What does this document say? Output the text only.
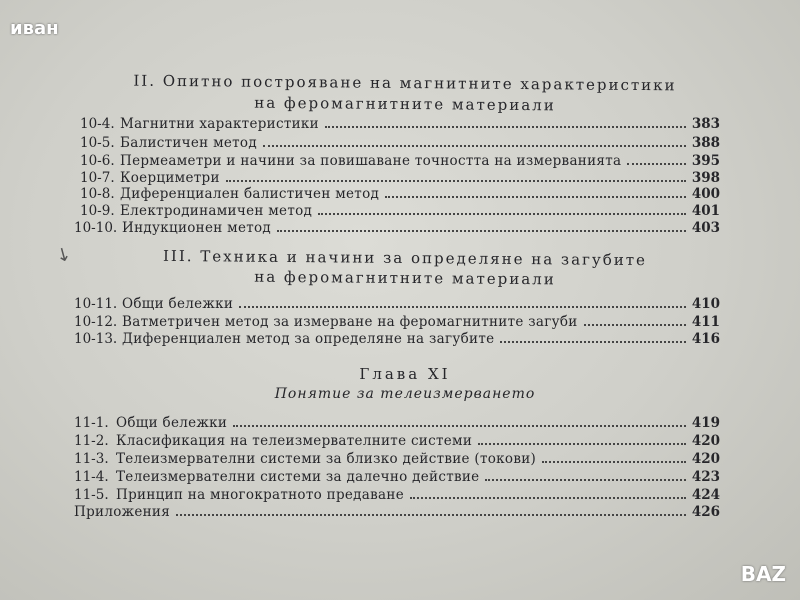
иван
II. Опитно построяване на магнитните характеристики
на феромагнитните материали
10-4. Магнитни характеристики	383
10-5. Балистичен метод	388
10-6. Пермеаметри и начини за повишаване точността на измерванията	395
10-7. Коерциметри	398
10-8. Диференциален балистичен метод	400
10-9. Електродинамичен метод	401
10-10. Индукционен метод	403
↓	III. Техника и начини за определяне на загубите
на феромагнитните материали
10-11. Общи бележки	410
10-12. Ватметричен метод за измерване на феромагнитните загуби	411
10-13. Диференциален метод за определяне на загубите	416
Глава XI
Понятие за телеизмерването
11-1. Общи бележки	419
11-2. Класификация на телеизмервателните системи	420
11-3. Телеизмервателни системи за близко действие (токови)	420
11-4. Телеизмервателни системи за далечно действие	423
11-5. Принцип на многократното предаване	424
Приложения	426
BAZ
